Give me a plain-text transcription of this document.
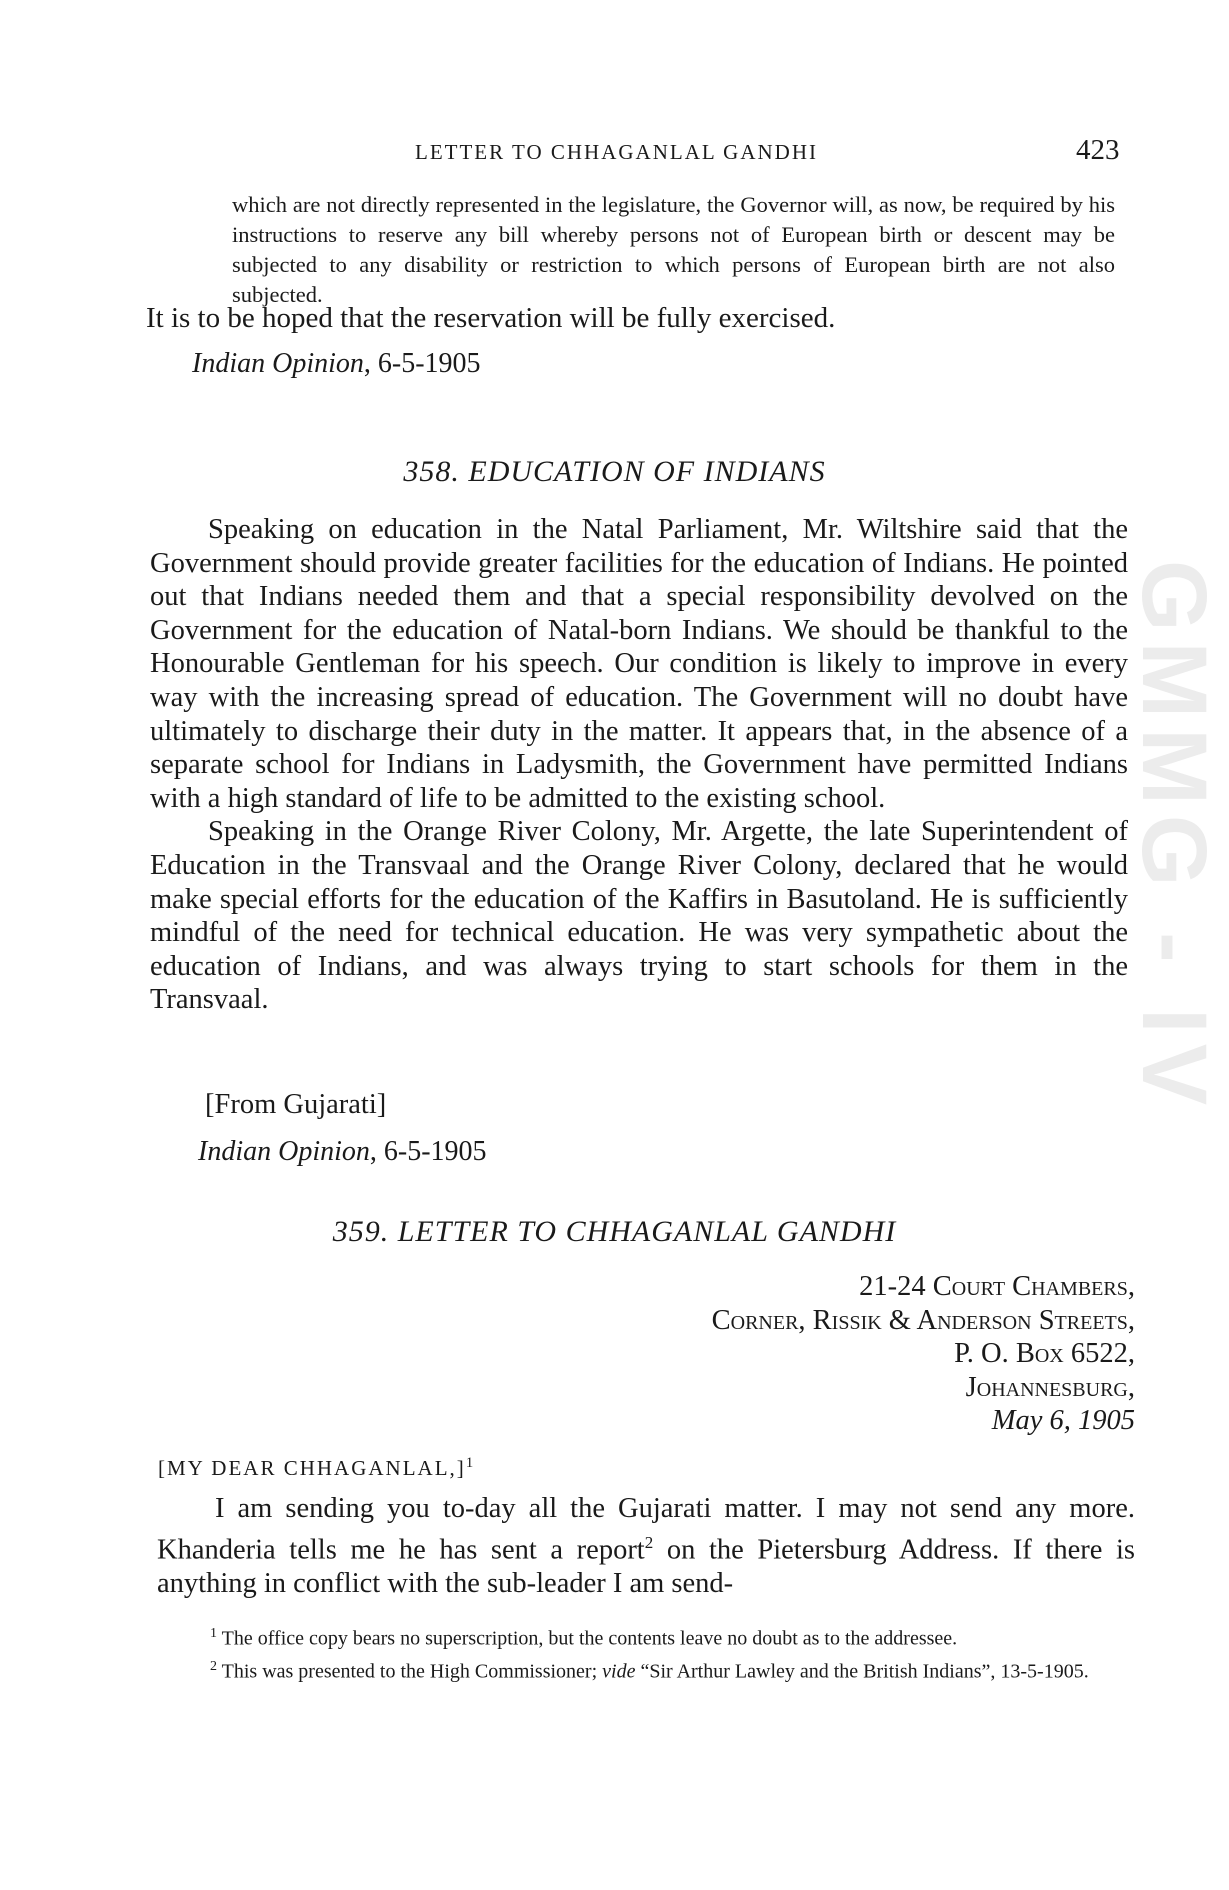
GMMG - IV
LETTER TO CHHAGANLAL GANDHI	423

which are not directly represented in the legislature, the Governor will, as now, be required by his instructions to reserve any bill whereby persons not of European birth or descent may be subjected to any disability or restriction to which persons of European birth are not also subjected.

It is to be hoped that the reservation will be fully exercised.
Indian Opinion, 6-5-1905
358. EDUCATION OF INDIANS

Speaking on education in the Natal Parliament, Mr. Wiltshire said that the Government should provide greater facilities for the education of Indians. He pointed out that Indians needed them and that a special responsibility devolved on the Government for the education of Natal-born Indians. We should be thankful to the Honourable Gentleman for his speech. Our condition is likely to improve in every way with the increasing spread of education. The Government will no doubt have ultimately to discharge their duty in the matter. It appears that, in the absence of a separate school for Indians in Ladysmith, the Government have permitted Indians with a high standard of life to be admitted to the existing school.

Speaking in the Orange River Colony, Mr. Argette, the late Superintendent of Education in the Transvaal and the Orange River Colony, declared that he would make special efforts for the education of the Kaffirs in Basutoland. He is sufficiently mindful of the need for technical education. He was very sympathetic about the education of Indians, and was always trying to start schools for them in the Transvaal.

[From Gujarati]
Indian Opinion, 6-5-1905
359. LETTER TO CHHAGANLAL GANDHI
21-24 Court Chambers,
Corner, Rissik & Anderson Streets,
P. O. Box 6522,
Johannesburg,
May 6, 1905
[MY DEAR CHHAGANLAL,]$^1$

I am sending you to-day all the Gujarati matter. I may not send any more. Khanderia tells me he has sent a report$^2$ on the Pietersburg Address. If there is anything in conflict with the sub-leader I am send-

$^1$ The office copy bears no superscription, but the contents leave no doubt as to the addressee.

$^2$ This was presented to the High Commissioner; vide “Sir Arthur Lawley and the British Indians”, 13-5-1905.
